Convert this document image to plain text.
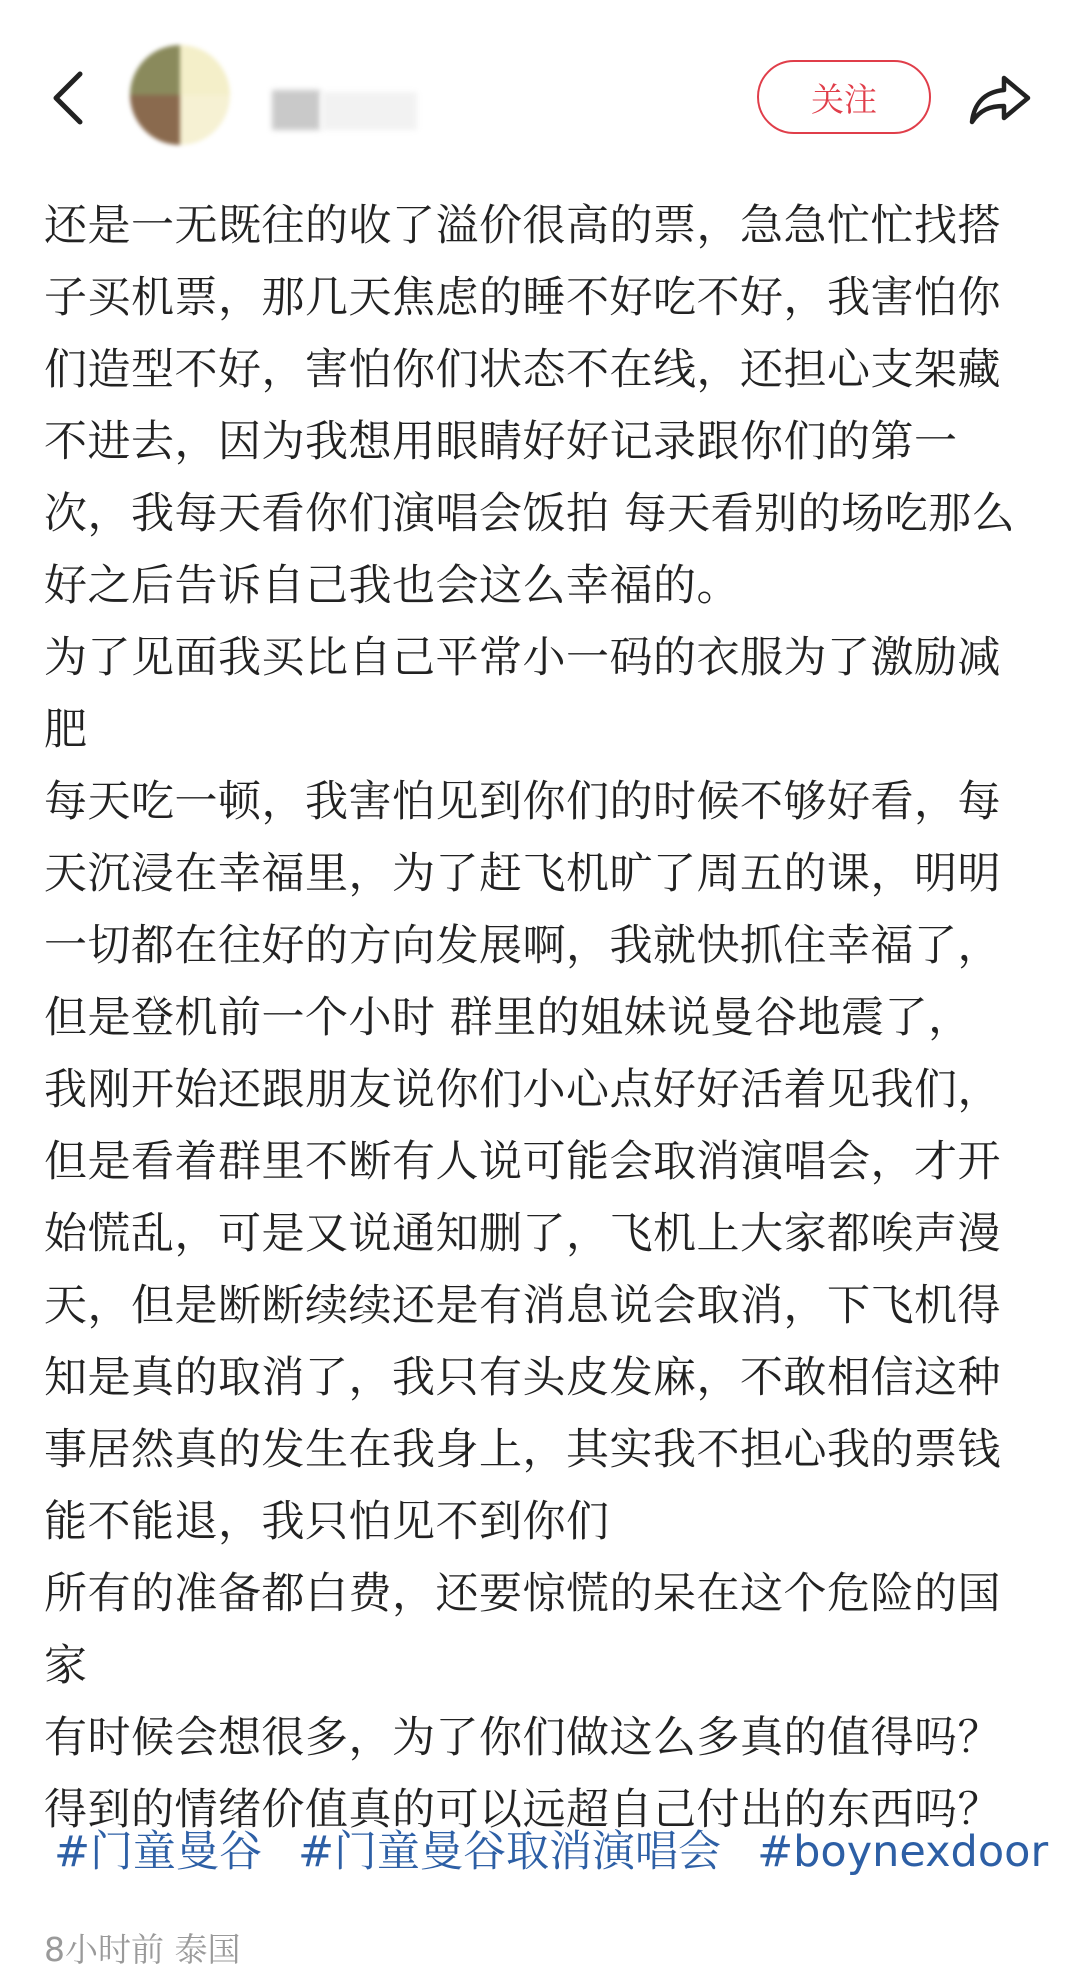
关注

还是一无既往的收了溢价很高的票，急急忙忙找搭子买机票，那几天焦虑的睡不好吃不好，我害怕你们造型不好，害怕你们状态不在线，还担心支架藏不进去，因为我想用眼睛好好记录跟你们的第一次，我每天看你们演唱会饭拍 每天看别的场吃那么好之后告诉自己我也会这么幸福的。

为了见面我买比自己平常小一码的衣服为了激励减肥

每天吃一顿，我害怕见到你们的时候不够好看，每天沉浸在幸福里，为了赶飞机旷了周五的课，明明一切都在往好的方向发展啊，我就快抓住幸福了，

但是登机前一个小时 群里的姐妹说曼谷地震了，

我刚开始还跟朋友说你们小心点好好活着见我们，

但是看着群里不断有人说可能会取消演唱会，才开始慌乱，可是又说通知删了，飞机上大家都唉声漫天，但是断断续续还是有消息说会取消，下飞机得知是真的取消了，我只有头皮发麻，不敢相信这种事居然真的发生在我身上，其实我不担心我的票钱能不能退，我只怕见不到你们

所有的准备都白费，还要惊慌的呆在这个危险的国家

有时候会想很多，为了你们做这么多真的值得吗？

得到的情绪价值真的可以远超自己付出的东西吗？

#门童曼谷 #门童曼谷取消演唱会 #boynexdoor
8小时前 泰国
